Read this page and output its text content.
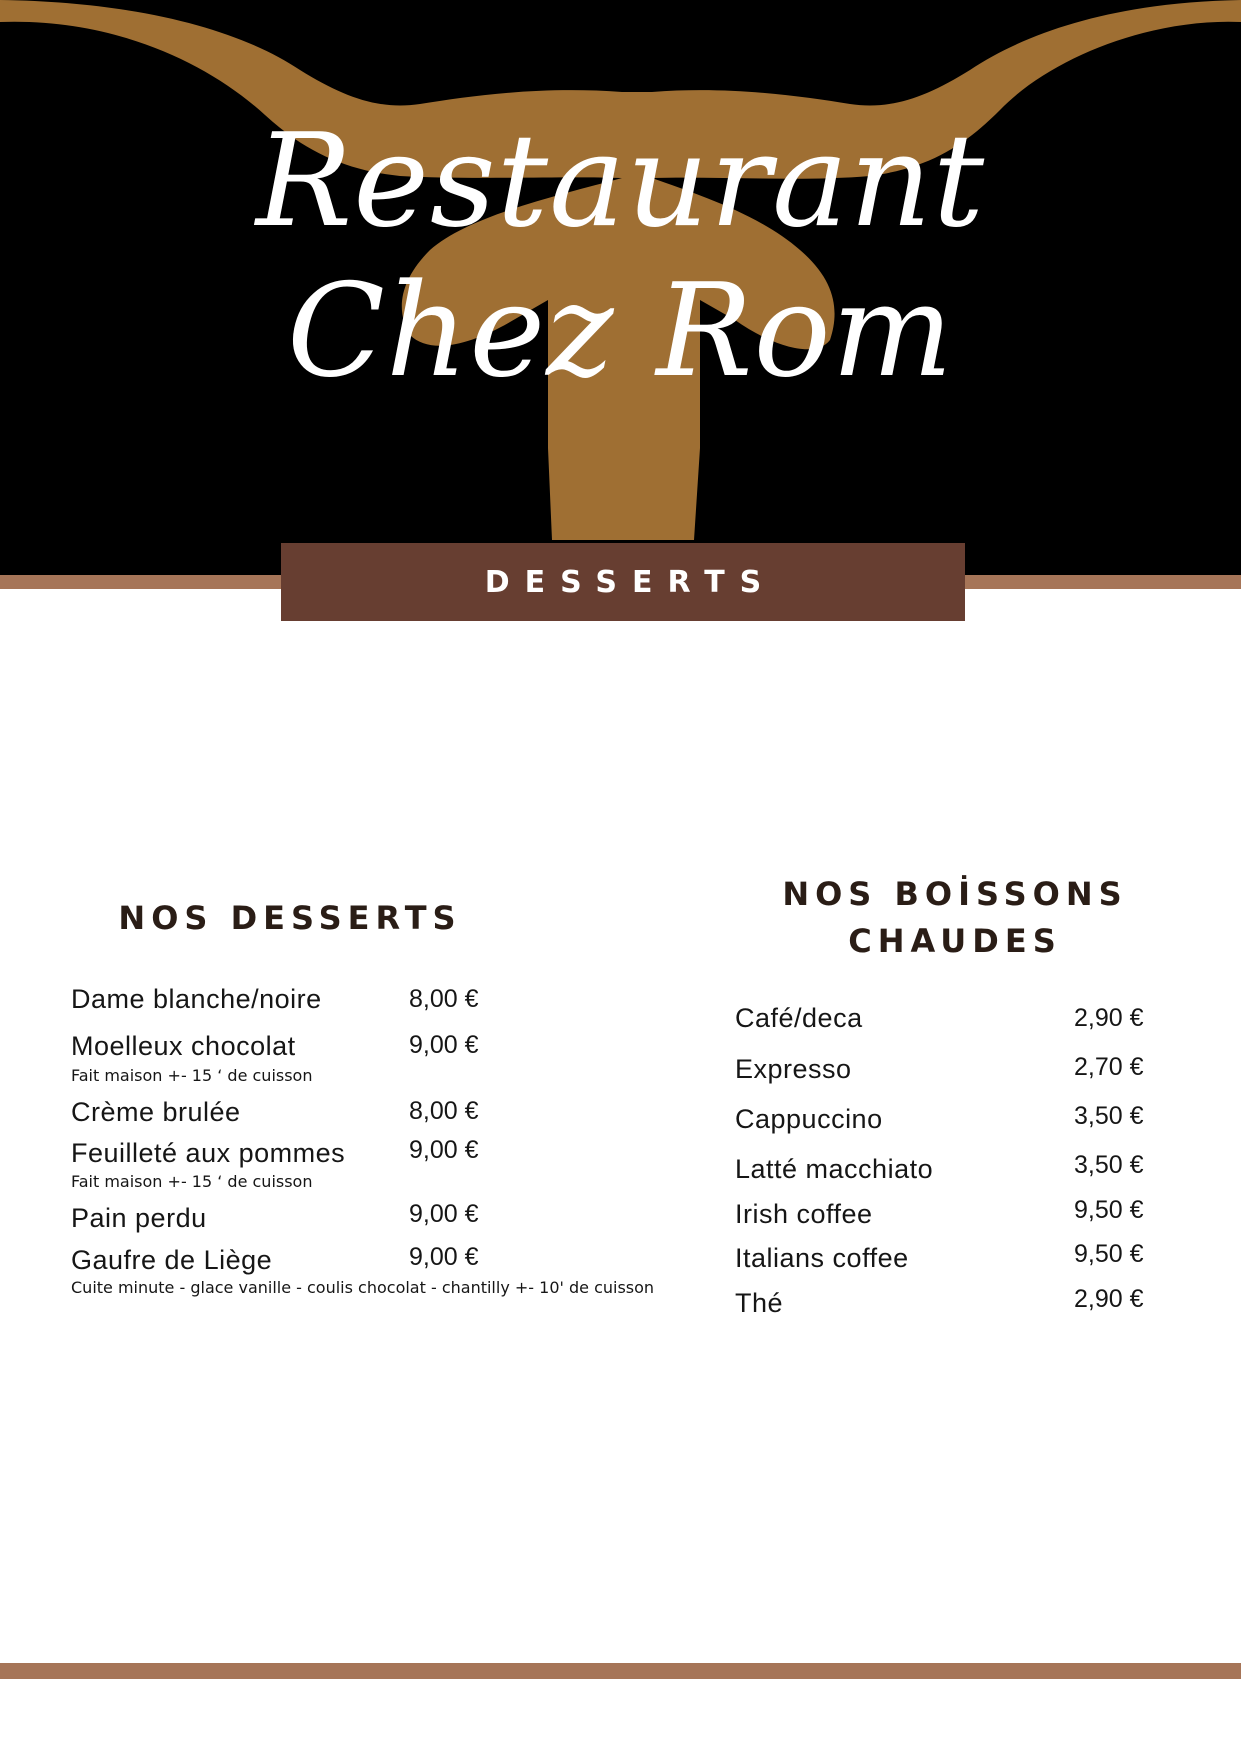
Restaurant
Chez Rom
DESSERTS
NOS DESSERTS
Dame blanche/noire	8,00 €
Moelleux chocolat	9,00 €
Fait maison +- 15 ‘ de cuisson
Crème brulée	8,00 €
Feuilleté aux pommes	9,00 €
Fait maison +- 15 ‘ de cuisson
Pain perdu	9,00 €
Gaufre de Liège	9,00 €
Cuite minute - glace vanille - coulis chocolat - chantilly +- 10' de cuisson
NOS BOİSSONS
CHAUDES
Café/deca	2,90 €
Expresso	2,70 €
Cappuccino	3,50 €
Latté macchiato	3,50 €
Irish coffee	9,50 €
Italians coffee	9,50 €
Thé	2,90 €
